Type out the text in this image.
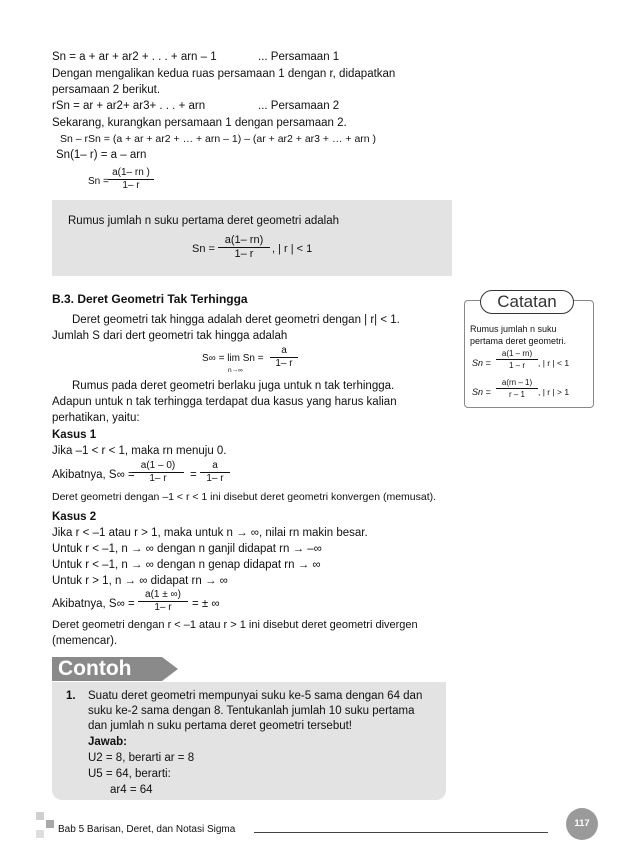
Sn = a + ar + ar2 + . . . + arn – 1	... Persamaan 1
Dengan mengalikan kedua ruas persamaan 1 dengan r, didapatkan
persamaan 2 berikut.
rSn = ar + ar2+ ar3+ . . . + arn	... Persamaan 2
Sekarang, kurangkan persamaan 1 dengan persamaan 2.
Sn – rSn = (a + ar + ar2 + … + arn – 1) – (ar + ar2 + ar3 + … + arn )
Sn(1– r) = a – arn
$Sn = \frac{a(1- rn )}{1- r}$
Rumus jumlah n suku pertama deret geometri adalah
$Sn = \frac{a(1- rn)}{1- r}$ , | r | < 1
B.3. Deret Geometri Tak Terhingga
Deret geometri tak hingga adalah deret geometri dengan | r| < 1.
Jumlah S dari dert geometri tak hingga adalah
S∞ = lim Sn =
n→∞
$\frac{a}{1- r}$
Rumus pada deret geometri berlaku juga untuk n tak terhingga.
Adapun untuk n tak terhingga terdapat dua kasus yang harus kalian
perhatikan, yaitu:
Kasus 1
Jika –1 < r < 1, maka rn menuju 0.
Akibatnya, S∞ =
$\frac{a(1 - 0)}{1- r} = \frac{a}{1- r}$
Deret geometri dengan –1 < r < 1 ini disebut deret geometri konvergen (memusat).
Kasus 2
Jika r < –1 atau r > 1, maka untuk n → ∞, nilai rn makin besar.
Untuk r < –1, n → ∞ dengan n ganjil didapat rn → –∞
Untuk r < –1, n → ∞ dengan n genap didapat rn → ∞
Untuk r > 1, n → ∞ didapat rn → ∞
Akibatnya, $S\infty = \frac{a(1 \pm \infty)}{1- r}$ = ± ∞
Deret geometri dengan r < –1 atau r > 1 ini disebut deret geometri divergen
(memencar).
Catatan
Rumus jumlah n suku
pertama deret geometri.
$Sn = \frac{a(1 - rn)}{1 - r}$ , | r | < 1
$Sn = \frac{a(rn - 1)}{r - 1}$ , | r | > 1
Contoh
1. Suatu deret geometri mempunyai suku ke-5 sama dengan 64 dan
suku ke-2 sama dengan 8. Tentukanlah jumlah 10 suku pertama
dan jumlah n suku pertama deret geometri tersebut!
Jawab:
U2 = 8, berarti ar = 8
U5 = 64, berarti:
ar4 = 64
Bab 5 Barisan, Deret, dan Notasi Sigma
117
